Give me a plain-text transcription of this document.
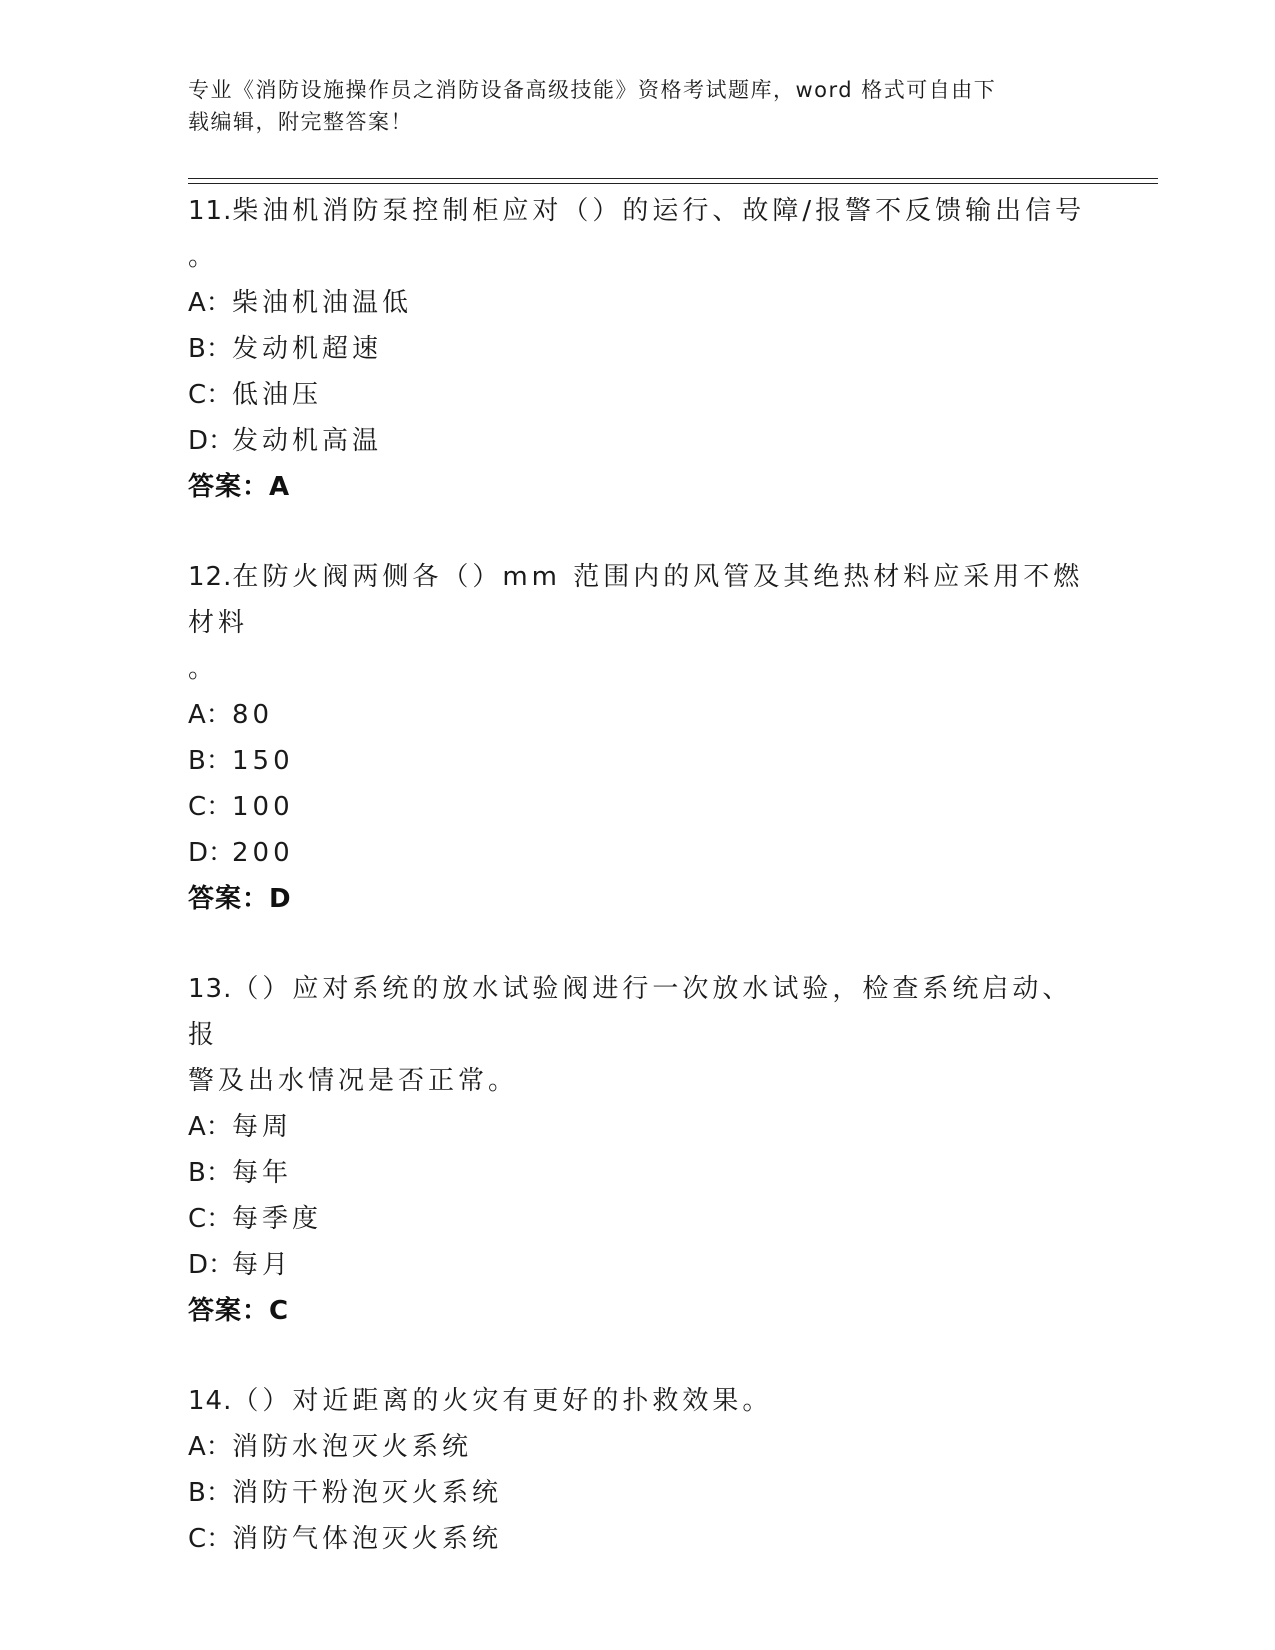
专业《消防设施操作员之消防设备高级技能》资格考试题库，word 格式可自由下
载编辑，附完整答案！

11.柴油机消防泵控制柜应对（）的运行、故障/报警不反馈输出信号

。

A：柴油机油温低
B：发动机超速
C：低油压
D：发动机高温
答案：A

12.在防火阀两侧各（）mm 范围内的风管及其绝热材料应采用不燃材料

。

A：80
B：150
C：100
D：200
答案：D

13.（）应对系统的放水试验阀进行一次放水试验，检查系统启动、报

警及出水情况是否正常。

A：每周
B：每年
C：每季度
D：每月
答案：C

14.（）对近距离的火灾有更好的扑救效果。

A：消防水泡灭火系统
B：消防干粉泡灭火系统
C：消防气体泡灭火系统
